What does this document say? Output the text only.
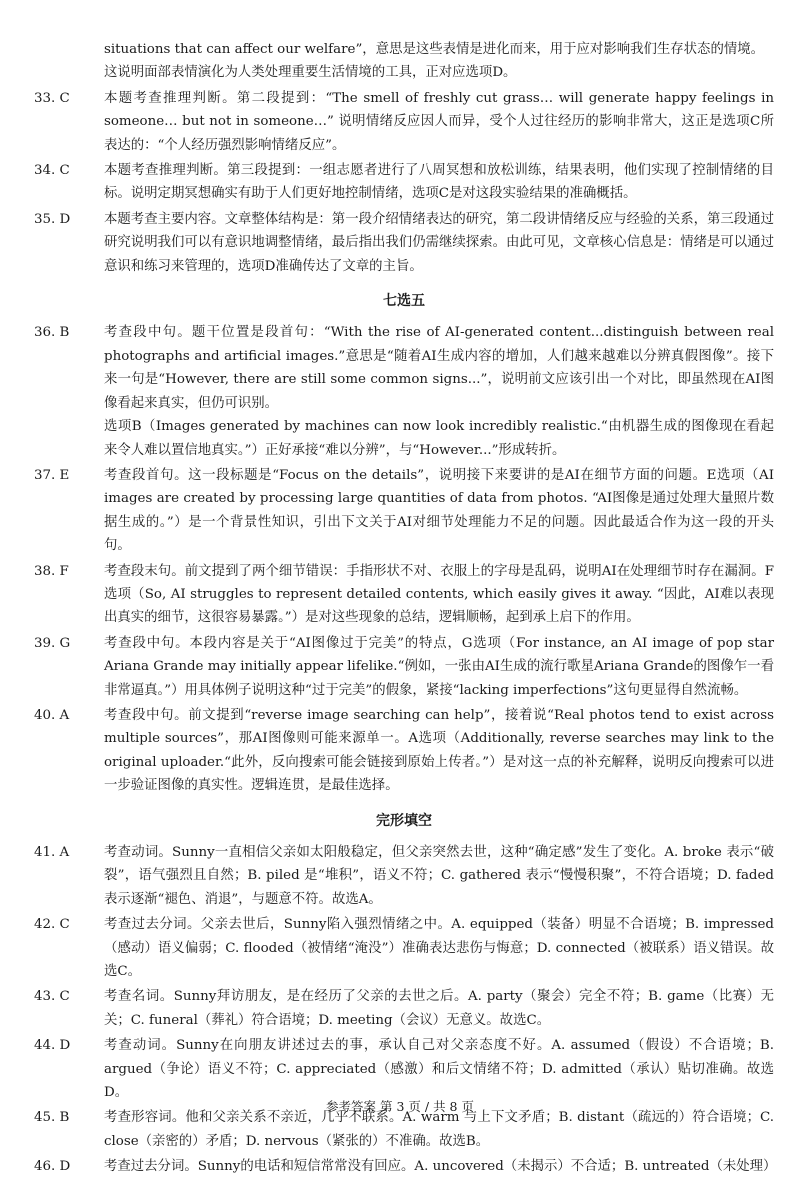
situations that can affect our welfare”，意思是这些表情是进化而来，用于应对影响我们生存状态的情境。这说明面部表情演化为人类处理重要生活情境的工具，正对应选项D。
33. C	本题考查推理判断。第二段提到：“The smell of freshly cut grass… will generate happy feelings in someone… but not in someone…” 说明情绪反应因人而异，受个人过往经历的影响非常大，这正是选项C所表达的：“个人经历强烈影响情绪反应”。

34. C	本题考查推理判断。第三段提到：一组志愿者进行了八周冥想和放松训练，结果表明，他们实现了控制情绪的目标。说明定期冥想确实有助于人们更好地控制情绪，选项C是对这段实验结果的准确概括。

35. D	本题考查主要内容。文章整体结构是：第一段介绍情绪表达的研究，第二段讲情绪反应与经验的关系，第三段通过研究说明我们可以有意识地调整情绪，最后指出我们仍需继续探索。由此可见，文章核心信息是：情绪是可以通过意识和练习来管理的，选项D准确传达了文章的主旨。

七选五
36. B	考查段中句。题干位置是段首句：“With the rise of AI-generated content...distinguish between real photographs and artificial images.”意思是“随着AI生成内容的增加，人们越来越难以分辨真假图像”。接下来一句是“However, there are still some common signs...”，说明前文应该引出一个对比，即虽然现在AI图像看起来真实，但仍可识别。

选项B（Images generated by machines can now look incredibly realistic.“由机器生成的图像现在看起来令人难以置信地真实。”）正好承接“难以分辨”，与“However...”形成转折。

37. E	考查段首句。这一段标题是“Focus on the details”，说明接下来要讲的是AI在细节方面的问题。E选项（AI images are created by processing large quantities of data from photos. “AI图像是通过处理大量照片数据生成的。”）是一个背景性知识，引出下文关于AI对细节处理能力不足的问题。因此最适合作为这一段的开头句。

38. F	考查段末句。前文提到了两个细节错误：手指形状不对、衣服上的字母是乱码，说明AI在处理细节时存在漏洞。F选项（So, AI struggles to represent detailed contents, which easily gives it away. “因此，AI难以表现出真实的细节，这很容易暴露。”）是对这些现象的总结，逻辑顺畅，起到承上启下的作用。

39. G	考查段中句。本段内容是关于“AI图像过于完美”的特点，G选项（For instance, an AI image of pop star Ariana Grande may initially appear lifelike.“例如，一张由AI生成的流行歌星Ariana Grande的图像乍一看非常逼真。”）用具体例子说明这种“过于完美”的假象，紧接“lacking imperfections”这句更显得自然流畅。

40. A	考查段中句。前文提到“reverse image searching can help”，接着说“Real photos tend to exist across multiple sources”，那AI图像则可能来源单一。A选项（Additionally, reverse searches may link to the original uploader.“此外，反向搜索可能会链接到原始上传者。”）是对这一点的补充解释，说明反向搜索可以进一步验证图像的真实性。逻辑连贯，是最佳选择。

完形填空
41. A	考查动词。Sunny一直相信父亲如太阳般稳定，但父亲突然去世，这种“确定感”发生了变化。A. broke 表示“破裂”，语气强烈且自然；B. piled 是“堆积”，语义不符；C. gathered 表示“慢慢积聚”，不符合语境；D. faded 表示逐渐“褪色、消退”，与题意不符。故选A。

42. C	考查过去分词。父亲去世后，Sunny陷入强烈情绪之中。A. equipped（装备）明显不合语境；B. impressed（感动）语义偏弱；C. flooded（被情绪“淹没”）准确表达悲伤与悔意；D. connected（被联系）语义错误。故选C。

43. C	考查名词。Sunny拜访朋友，是在经历了父亲的去世之后。A. party（聚会）完全不符；B. game（比赛）无关；C. funeral（葬礼）符合语境；D. meeting（会议）无意义。故选C。

44. D	考查动词。Sunny在向朋友讲述过去的事，承认自己对父亲态度不好。A. assumed（假设）不合语境；B. argued（争论）语义不符；C. appreciated（感激）和后文情绪不符；D. admitted（承认）贴切准确。故选D。

45. B	考查形容词。他和父亲关系不亲近，几乎不联系。A. warm 与上下文矛盾；B. distant（疏远的）符合语境；C. close（亲密的）矛盾；D. nervous（紧张的）不准确。故选B。

46. D	考查过去分词。Sunny的电话和短信常常没有回应。A. uncovered（未揭示）不合适；B. untreated（未处理）

参考答案 第 3 页 / 共 8 页
